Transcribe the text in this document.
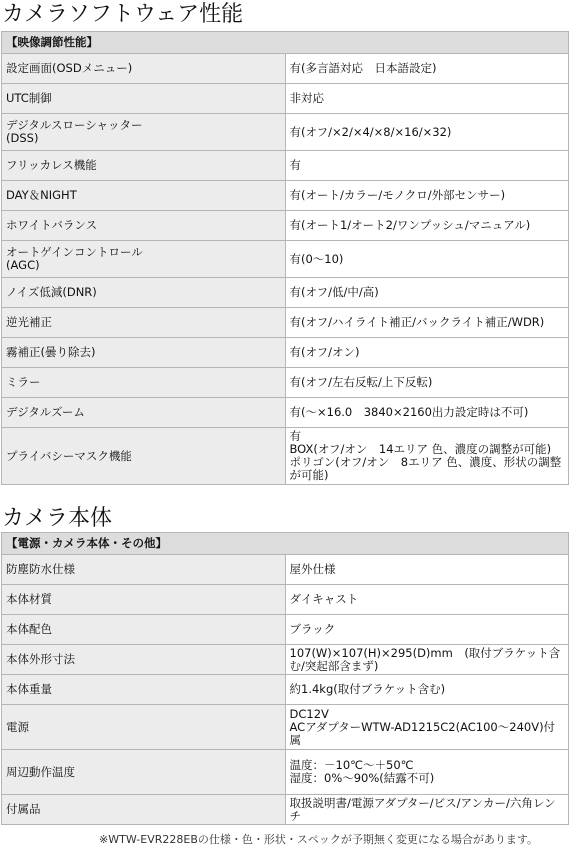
カメラソフトウェア性能
【映像調節性能】	
設定画面(OSDメニュー)	有(多言語対応　日本語設定)
UTC制御	非対応
デジタルスローシャッター
(DSS)	有(オフ/×2/×4/×8/×16/×32)
フリッカレス機能	有
DAY＆NIGHT	有(オート/カラー/モノクロ/外部センサー)
ホワイトバランス	有(オート1/オート2/ワンプッシュ/マニュアル)
オートゲインコントロール
(AGC)	有(0～10)
ノイズ低減(DNR)	有(オフ/低/中/高)
逆光補正	有(オフ/ハイライト補正/バックライト補正/WDR)
霧補正(曇り除去)	有(オフ/オン)
ミラー	有(オフ/左右反転/上下反転)
デジタルズーム	有(～×16.0　3840×2160出力設定時は不可)
プライバシーマスク機能	有
BOX(オフ/オン　14エリア 色、濃度の調整が可能)
ポリゴン(オフ/オン　8エリア 色、濃度、形状の調整が可能)
カメラ本体
【電源・カメラ本体・その他】	
防塵防水仕様	屋外仕様
本体材質	ダイキャスト
本体配色	ブラック
本体外形寸法	107(W)×107(H)×295(D)mm　(取付ブラケット含む/突起部含まず)
本体重量	約1.4kg(取付ブラケット含む)
電源	DC12V
ACアダプターWTW-AD1215C2(AC100～240V)付属
周辺動作温度	温度：－10℃～＋50℃
湿度：0%～90%(結露不可)
付属品	取扱説明書/電源アダプター/ビス/アンカー/六角レンチ
※WTW-EVR228EBの仕様・色・形状・スペックが予期無く変更になる場合があります。
